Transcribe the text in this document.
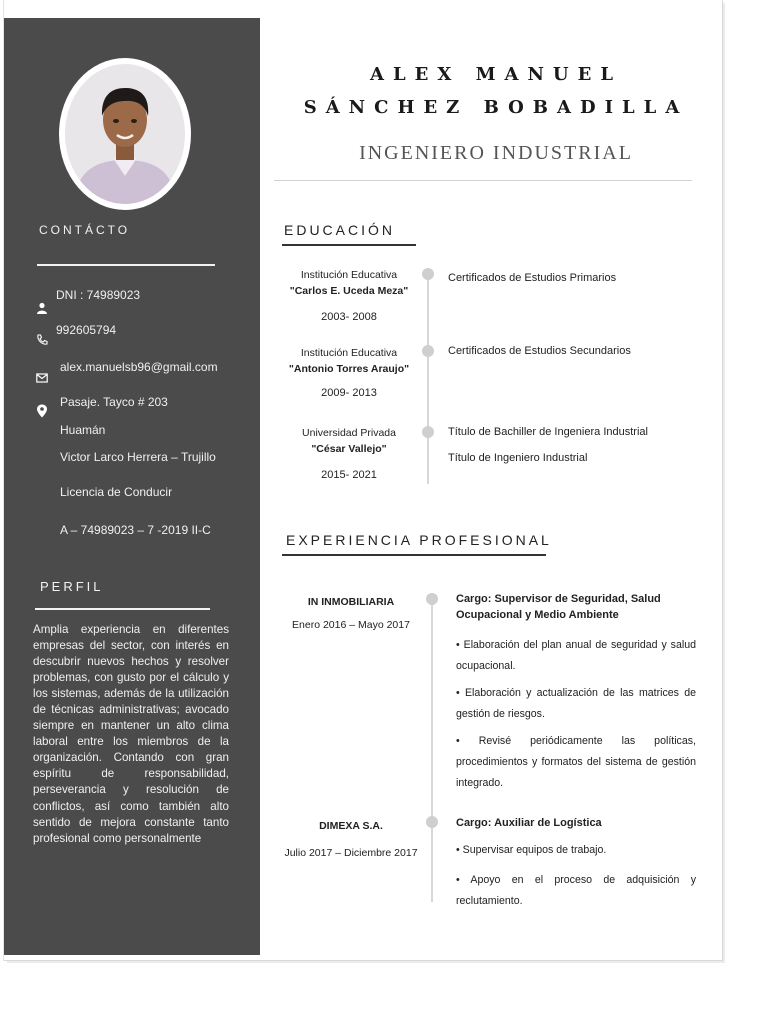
CONTÁCTO
DNI : 74989023
992605794
alex.manuelsb96@gmail.com
Pasaje. Tayco # 203
Huamán
Victor Larco Herrera – Trujillo
Licencia de Conducir
A – 74989023 – 7 -2019 II-C
PERFIL
Amplia experiencia en diferentes empresas del sector, con interés en descubrir nuevos hechos y resolver problemas, con gusto por el cálculo y los sistemas, además de la utilización de técnicas administrativas; avocado siempre en mantener un alto clima laboral entre los miembros de la organización. Contando con gran espíritu de responsabilidad, perseverancia y resolución de conflictos, así como también alto sentido de mejora constante tanto profesional como personalmente
ALEX MANUEL
SÁNCHEZ BOBADILLA
INGENIERO INDUSTRIAL
EDUCACIÓN
Institución Educativa
"Carlos E. Uceda Meza"
2003- 2008
Certificados de Estudios Primarios
Institución Educativa
"Antonio Torres Araujo"
2009- 2013
Certificados de Estudios Secundarios
Universidad Privada
"César Vallejo"
2015- 2021
Título de Bachiller de Ingeniera Industrial
Título de Ingeniero Industrial
EXPERIENCIA PROFESIONAL
IN INMOBILIARIA
Enero 2016 – Mayo 2017
Cargo: Supervisor de Seguridad, Salud Ocupacional y Medio Ambiente
• Elaboración del plan anual de seguridad y salud ocupacional.
• Elaboración y actualización de las matrices de gestión de riesgos.
• Revisé periódicamente las políticas, procedimientos y formatos del sistema de gestión integrado.
DIMEXA S.A.
Julio 2017 – Diciembre 2017
Cargo: Auxiliar de Logística
• Supervisar equipos de trabajo.
• Apoyo en el proceso de adquisición y reclutamiento.
